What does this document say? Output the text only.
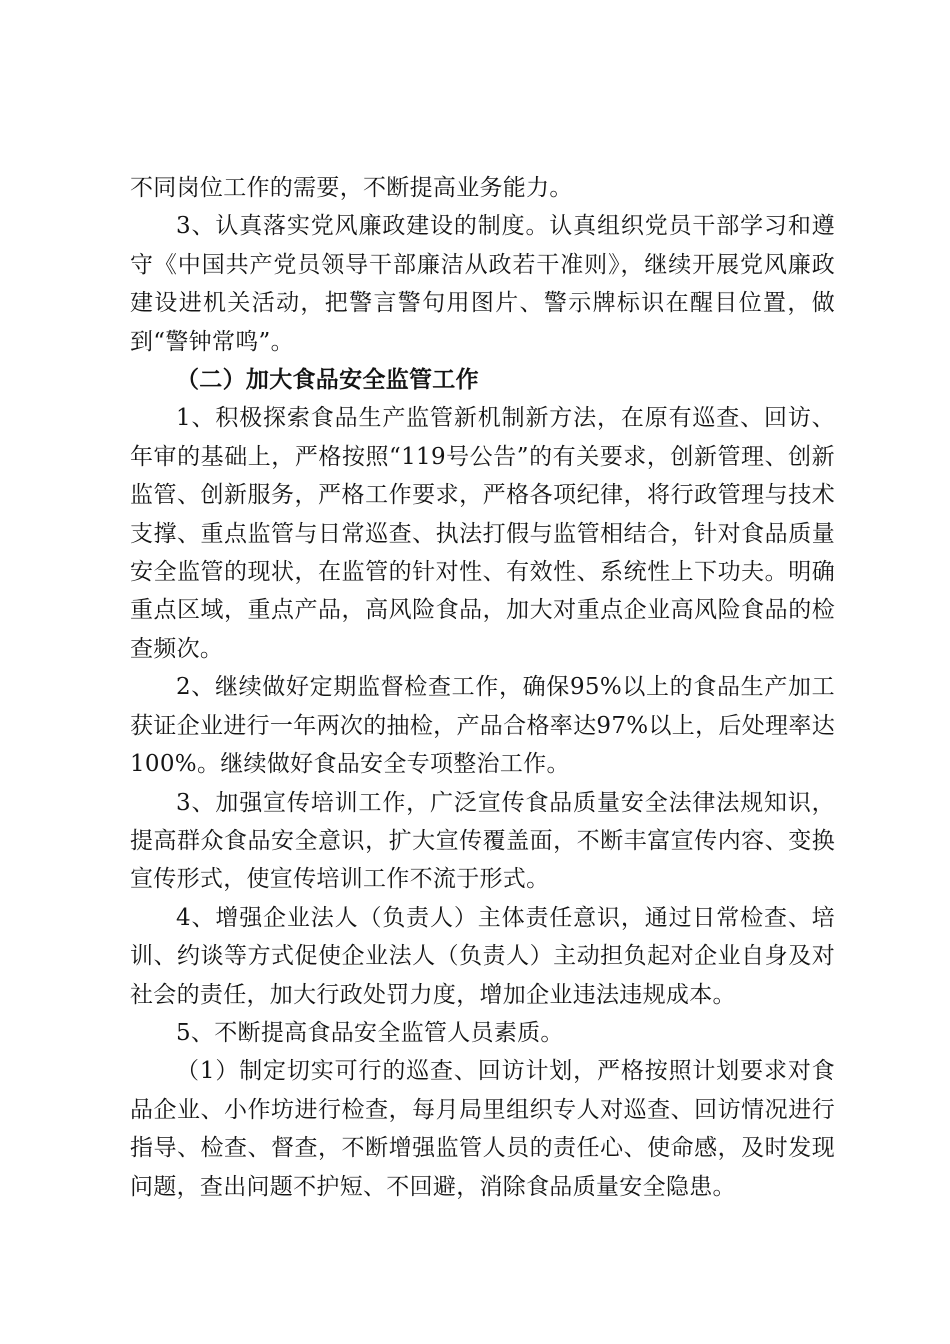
不同岗位工作的需要，不断提高业务能力。

3、认真落实党风廉政建设的制度。认真组织党员干部学习和遵守《中国共产党员领导干部廉洁从政若干准则》，继续开展党风廉政建设进机关活动，把警言警句用图片、警示牌标识在醒目位置，做到“警钟常鸣”。

（二）加大食品安全监管工作

1、积极探索食品生产监管新机制新方法，在原有巡查、回访、年审的基础上，严格按照“119号公告”的有关要求，创新管理、创新监管、创新服务，严格工作要求，严格各项纪律，将行政管理与技术支撑、重点监管与日常巡查、执法打假与监管相结合，针对食品质量安全监管的现状，在监管的针对性、有效性、系统性上下功夫。明确重点区域，重点产品，高风险食品，加大对重点企业高风险食品的检查频次。

2、继续做好定期监督检查工作，确保95%以上的食品生产加工获证企业进行一年两次的抽检，产品合格率达97%以上，后处理率达100%。继续做好食品安全专项整治工作。

3、加强宣传培训工作，广泛宣传食品质量安全法律法规知识，提高群众食品安全意识，扩大宣传覆盖面，不断丰富宣传内容、变换宣传形式，使宣传培训工作不流于形式。

4、增强企业法人（负责人）主体责任意识，通过日常检查、培训、约谈等方式促使企业法人（负责人）主动担负起对企业自身及对社会的责任，加大行政处罚力度，增加企业违法违规成本。

5、不断提高食品安全监管人员素质。

（1）制定切实可行的巡查、回访计划，严格按照计划要求对食品企业、小作坊进行检查，每月局里组织专人对巡查、回访情况进行指导、检查、督查，不断增强监管人员的责任心、使命感，及时发现问题，查出问题不护短、不回避，消除食品质量安全隐患。
